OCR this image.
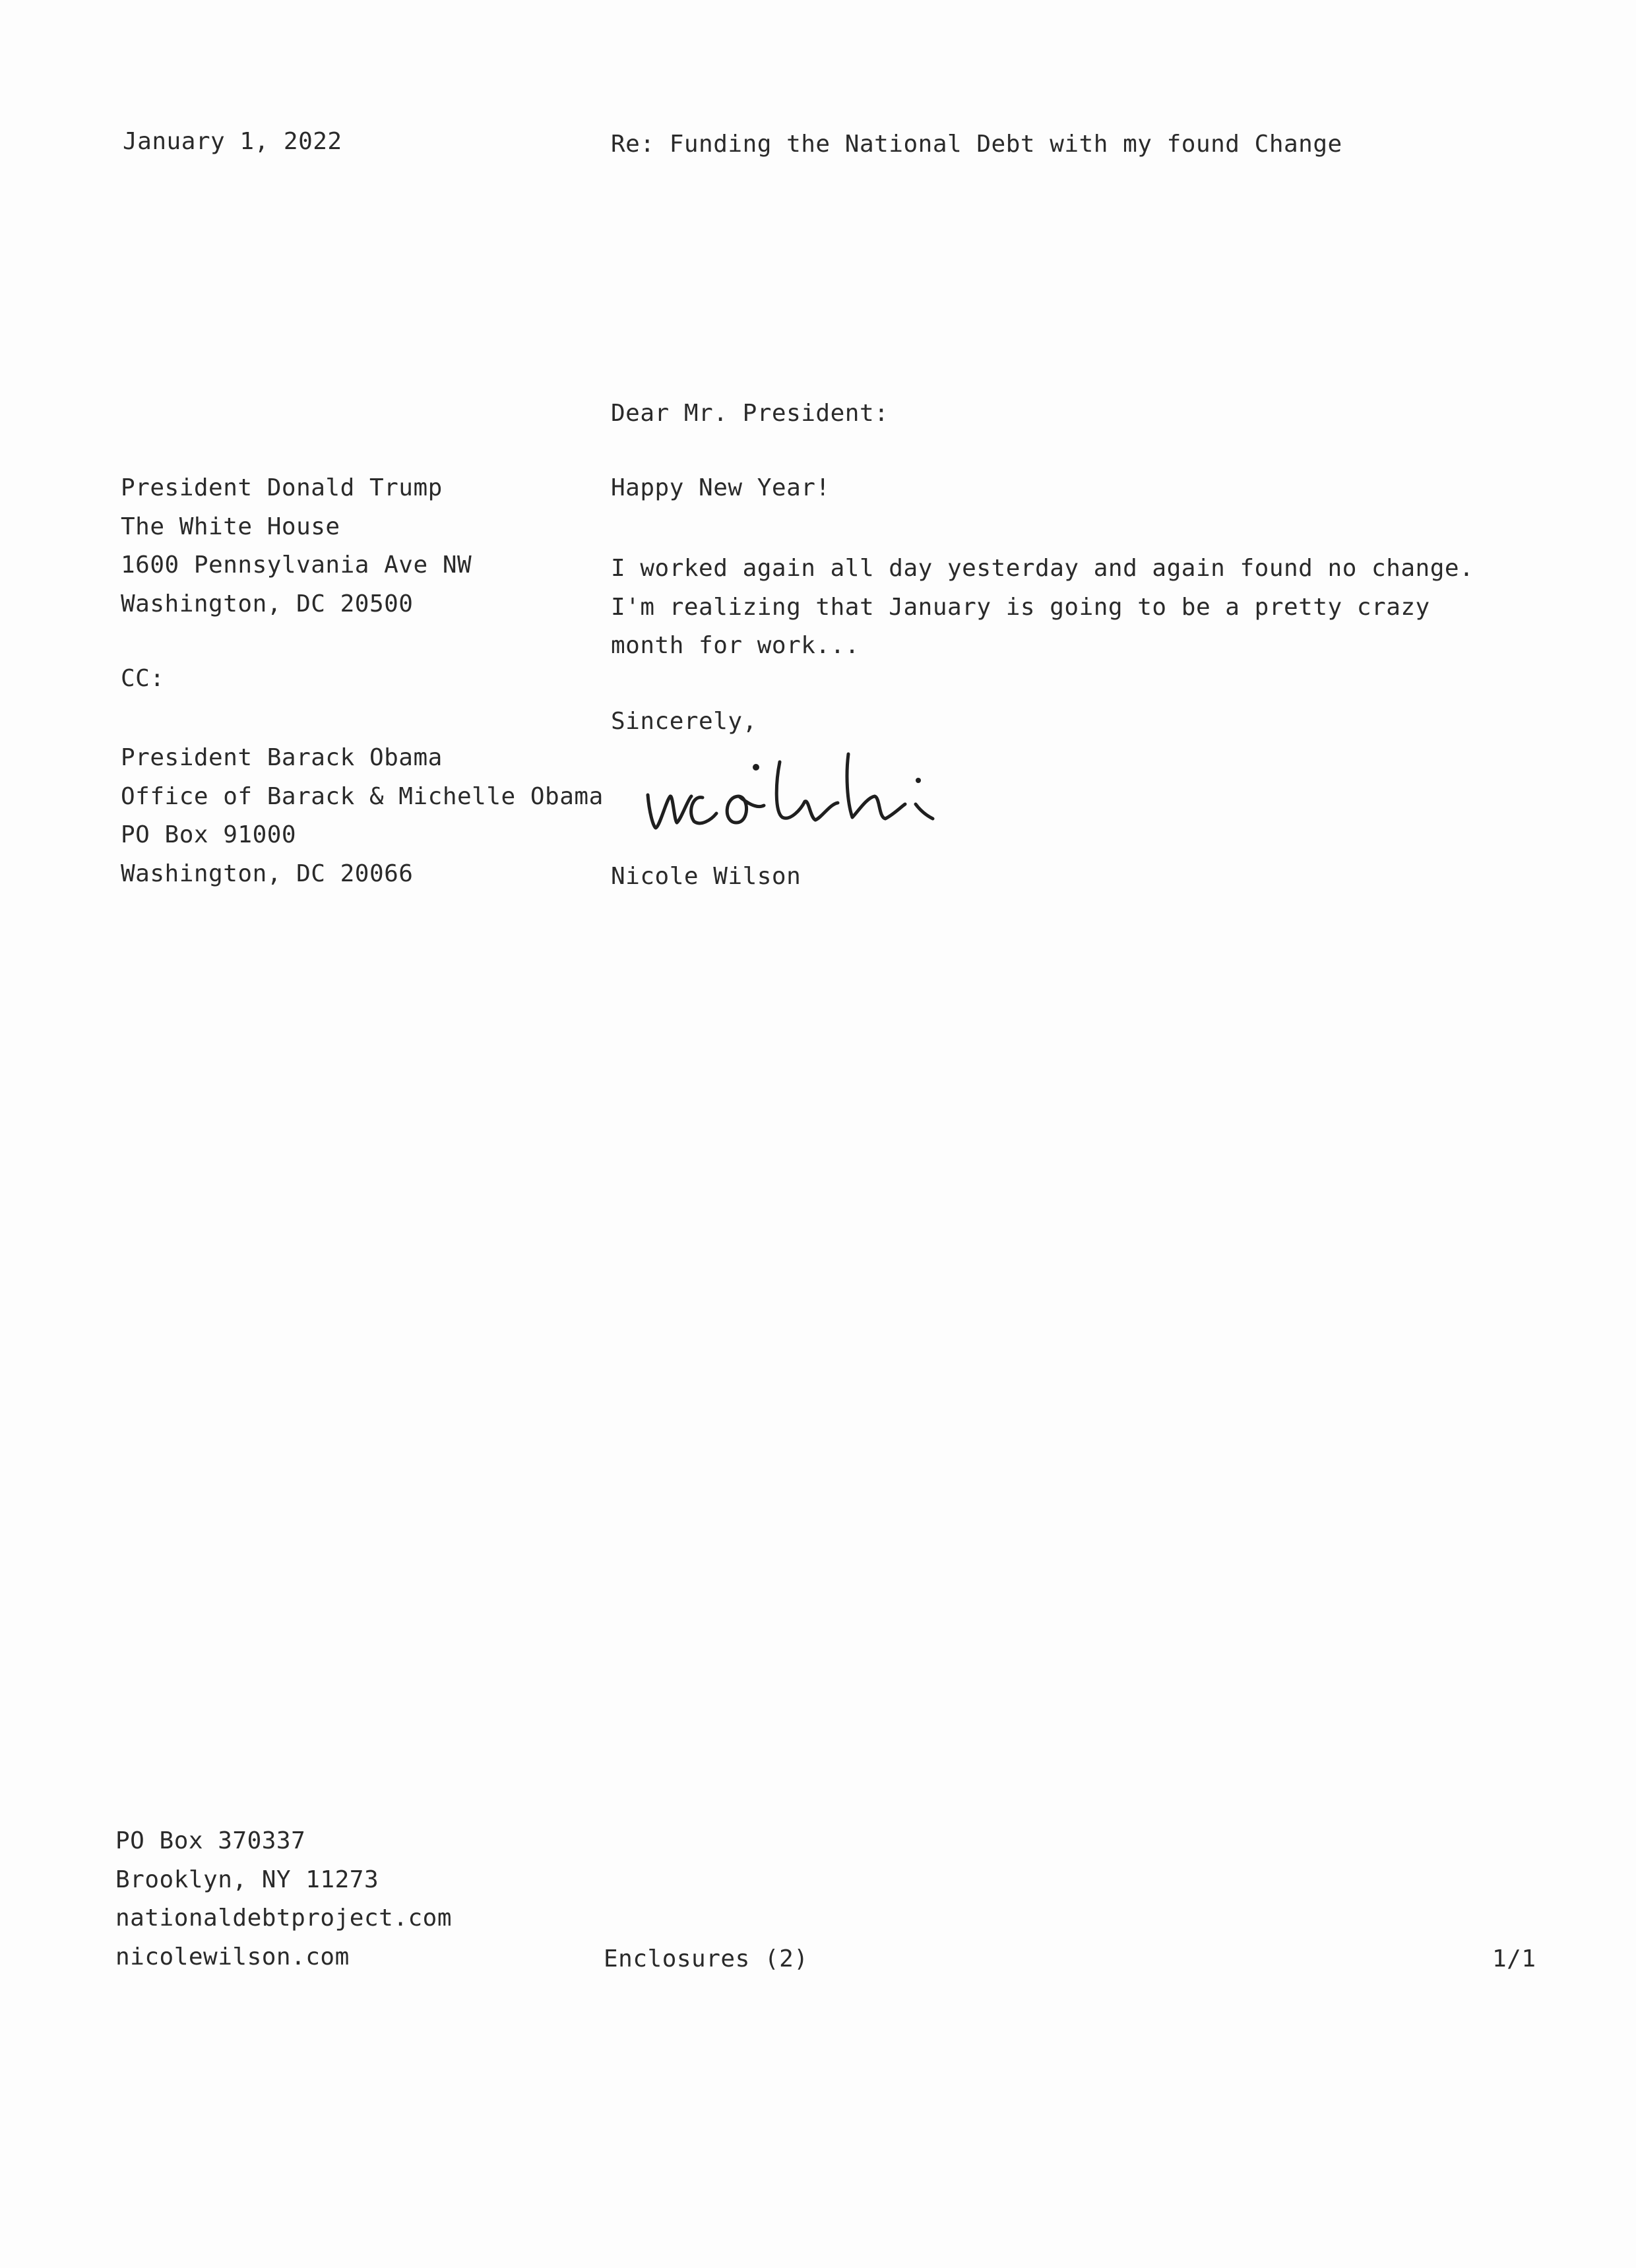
January 1, 2022	Re: Funding the National Debt with my found Change
Dear Mr. President:
President Donald Trump
The White House
1600 Pennsylvania Ave NW
Washington, DC 20500
CC:
President Barack Obama
Office of Barack & Michelle Obama
PO Box 91000
Washington, DC 20066
Happy New Year!

I worked again all day yesterday and again found no change. I'm realizing that January is going to be a pretty crazy month for work...

Sincerely,
Nicole Wilson
PO Box 370337
Brooklyn, NY 11273
nationaldebtproject.com
nicolewilson.com	Enclosures (2)	1/1
